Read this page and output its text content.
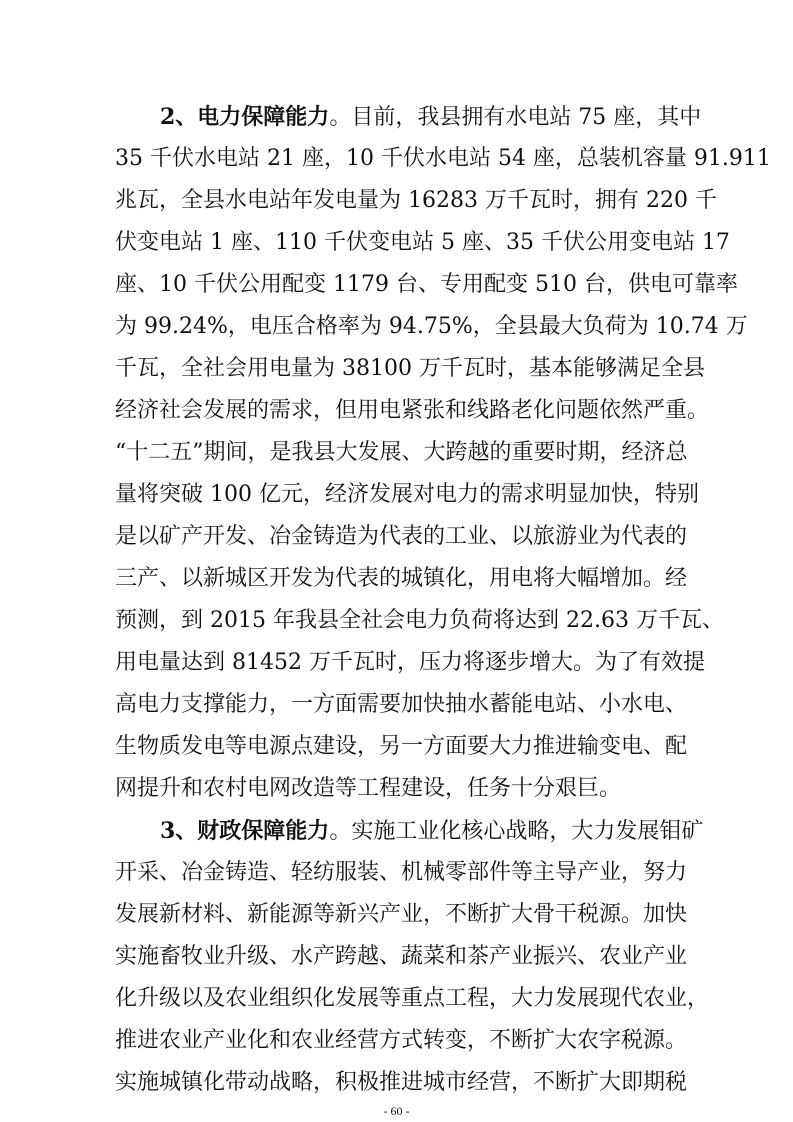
2、电力保障能力。目前，我县拥有水电站 75 座，其中
35 千伏水电站 21 座，10 千伏水电站 54 座，总装机容量 91.911
兆瓦，全县水电站年发电量为 16283 万千瓦时，拥有 220 千
伏变电站 1 座、110 千伏变电站 5 座、35 千伏公用变电站 17
座、10 千伏公用配变 1179 台、专用配变 510 台，供电可靠率
为 99.24%，电压合格率为 94.75%，全县最大负荷为 10.74 万
千瓦，全社会用电量为 38100 万千瓦时，基本能够满足全县
经济社会发展的需求，但用电紧张和线路老化问题依然严重。
“十二五”期间，是我县大发展、大跨越的重要时期，经济总
量将突破 100 亿元，经济发展对电力的需求明显加快，特别
是以矿产开发、冶金铸造为代表的工业、以旅游业为代表的
三产、以新城区开发为代表的城镇化，用电将大幅增加。经
预测，到 2015 年我县全社会电力负荷将达到 22.63 万千瓦、
用电量达到 81452 万千瓦时，压力将逐步增大。为了有效提
高电力支撑能力，一方面需要加快抽水蓄能电站、小水电、
生物质发电等电源点建设，另一方面要大力推进输变电、配
网提升和农村电网改造等工程建设，任务十分艰巨。
3、财政保障能力。实施工业化核心战略，大力发展钼矿
开采、冶金铸造、轻纺服装、机械零部件等主导产业，努力
发展新材料、新能源等新兴产业，不断扩大骨干税源。加快
实施畜牧业升级、水产跨越、蔬菜和茶产业振兴、农业产业
化升级以及农业组织化发展等重点工程，大力发展现代农业，
推进农业产业化和农业经营方式转变，不断扩大农字税源。
实施城镇化带动战略，积极推进城市经营，不断扩大即期税
- 60 -
